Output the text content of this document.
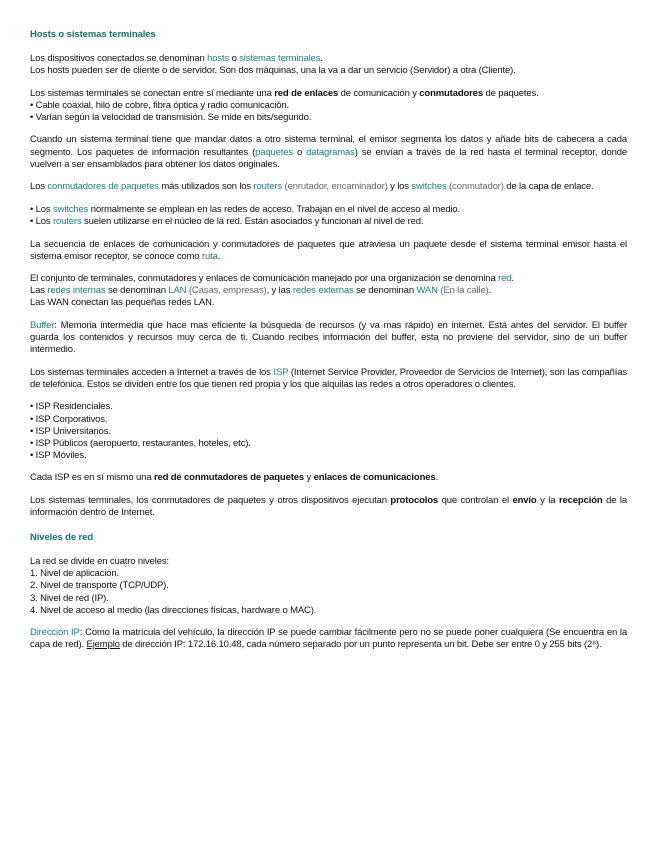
Hosts o sistemas terminales
Los dispositivos conectados se denominan hosts o sistemas terminales.
Los hosts pueden ser de cliente o de servidor. Son dos máquinas, una la va a dar un servicio (Servidor) a otra (Cliente).
Los sistemas terminales se conectan entre sí mediante una red de enlaces de comunicación y conmutadores de paquetes.
• Cable coaxial, hilo de cobre, fibra óptica y radio comunicación.
• Varían según la velocidad de transmisión. Se mide en bits/segundo.
Cuando un sistema terminal tiene que mandar datos a otro sistema terminal, el emisor segmenta los datos y añade bits de cabecera a cada segmento. Los paquetes de información resultantes (paquetes o datagramas) se envían a través de la red hasta el terminal receptor, donde vuelven a ser ensamblados para obtener los datos originales.
Los conmutadores de paquetes más utilizados son los routers (enrutador, encaminador) y los switches (conmutador) de la capa de enlace.
• Los switches normalmente se emplean en las redes de acceso. Trabajan en el nivel de acceso al medio.
• Los routers suelen utilizarse en el núcleo de la red. Están asociados y funcionan al nivel de red.
La secuencia de enlaces de comunicación y conmutadores de paquetes que atraviesa un paquete desde el sistema terminal emisor hasta el sistema emisor receptor, se conoce como ruta.
El conjunto de terminales, conmutadores y enlaces de comunicación manejado por una organización se denomina red.
Las redes internas se denominan LAN (Casas, empresas), y las redes externas se denominan WAN (En la calle).
Las WAN conectan las pequeñas redes LAN.
Buffer: Memoria intermedia que hace mas eficiente la búsqueda de recursos (y va mas rápido) en internet. Está antes del servidor. El buffer guarda los contenidos y recursos muy cerca de ti. Cuando recibes información del buffer, esta no proviene del servidor, sino de un buffer intermedio.
Los sistemas terminales acceden a Internet a través de los ISP (Internet Service Provider, Proveedor de Servicios de Internet), son las compañías de telefónica. Estos se dividen entre los que tienen red propia y los que alquilas las redes a otros operadores o clientes.
• ISP Residenciales.
• ISP Corporativos.
• ISP Universitarios.
• ISP Públicos (aeropuerto, restaurantes, hoteles, etc).
• ISP Móviles.
Cada ISP es en sí mismo una red de conmutadores de paquetes y enlaces de comunicaciones.
Los sistemas terminales, los conmutadores de paquetes y otros dispositivos ejecutan protocolos que controlan el envío y la recepción de la información dentro de Internet.
Niveles de red
La red se divide en cuatro niveles:
1. Nivel de aplicación.
2. Nivel de transporte (TCP/UDP).
3. Nivel de red (IP).
4. Nivel de acceso al medio (las direcciones físicas, hardware o MAC).
Dirección IP: Como la matrícula del vehículo, la dirección IP se puede cambiar fácilmente pero no se puede poner cualquiera (Se encuentra en la capa de red). Ejemplo de dirección IP: 172.16.10.48, cada número separado por un punto representa un bit. Debe ser entre 0 y 255 bits (2⁸).
